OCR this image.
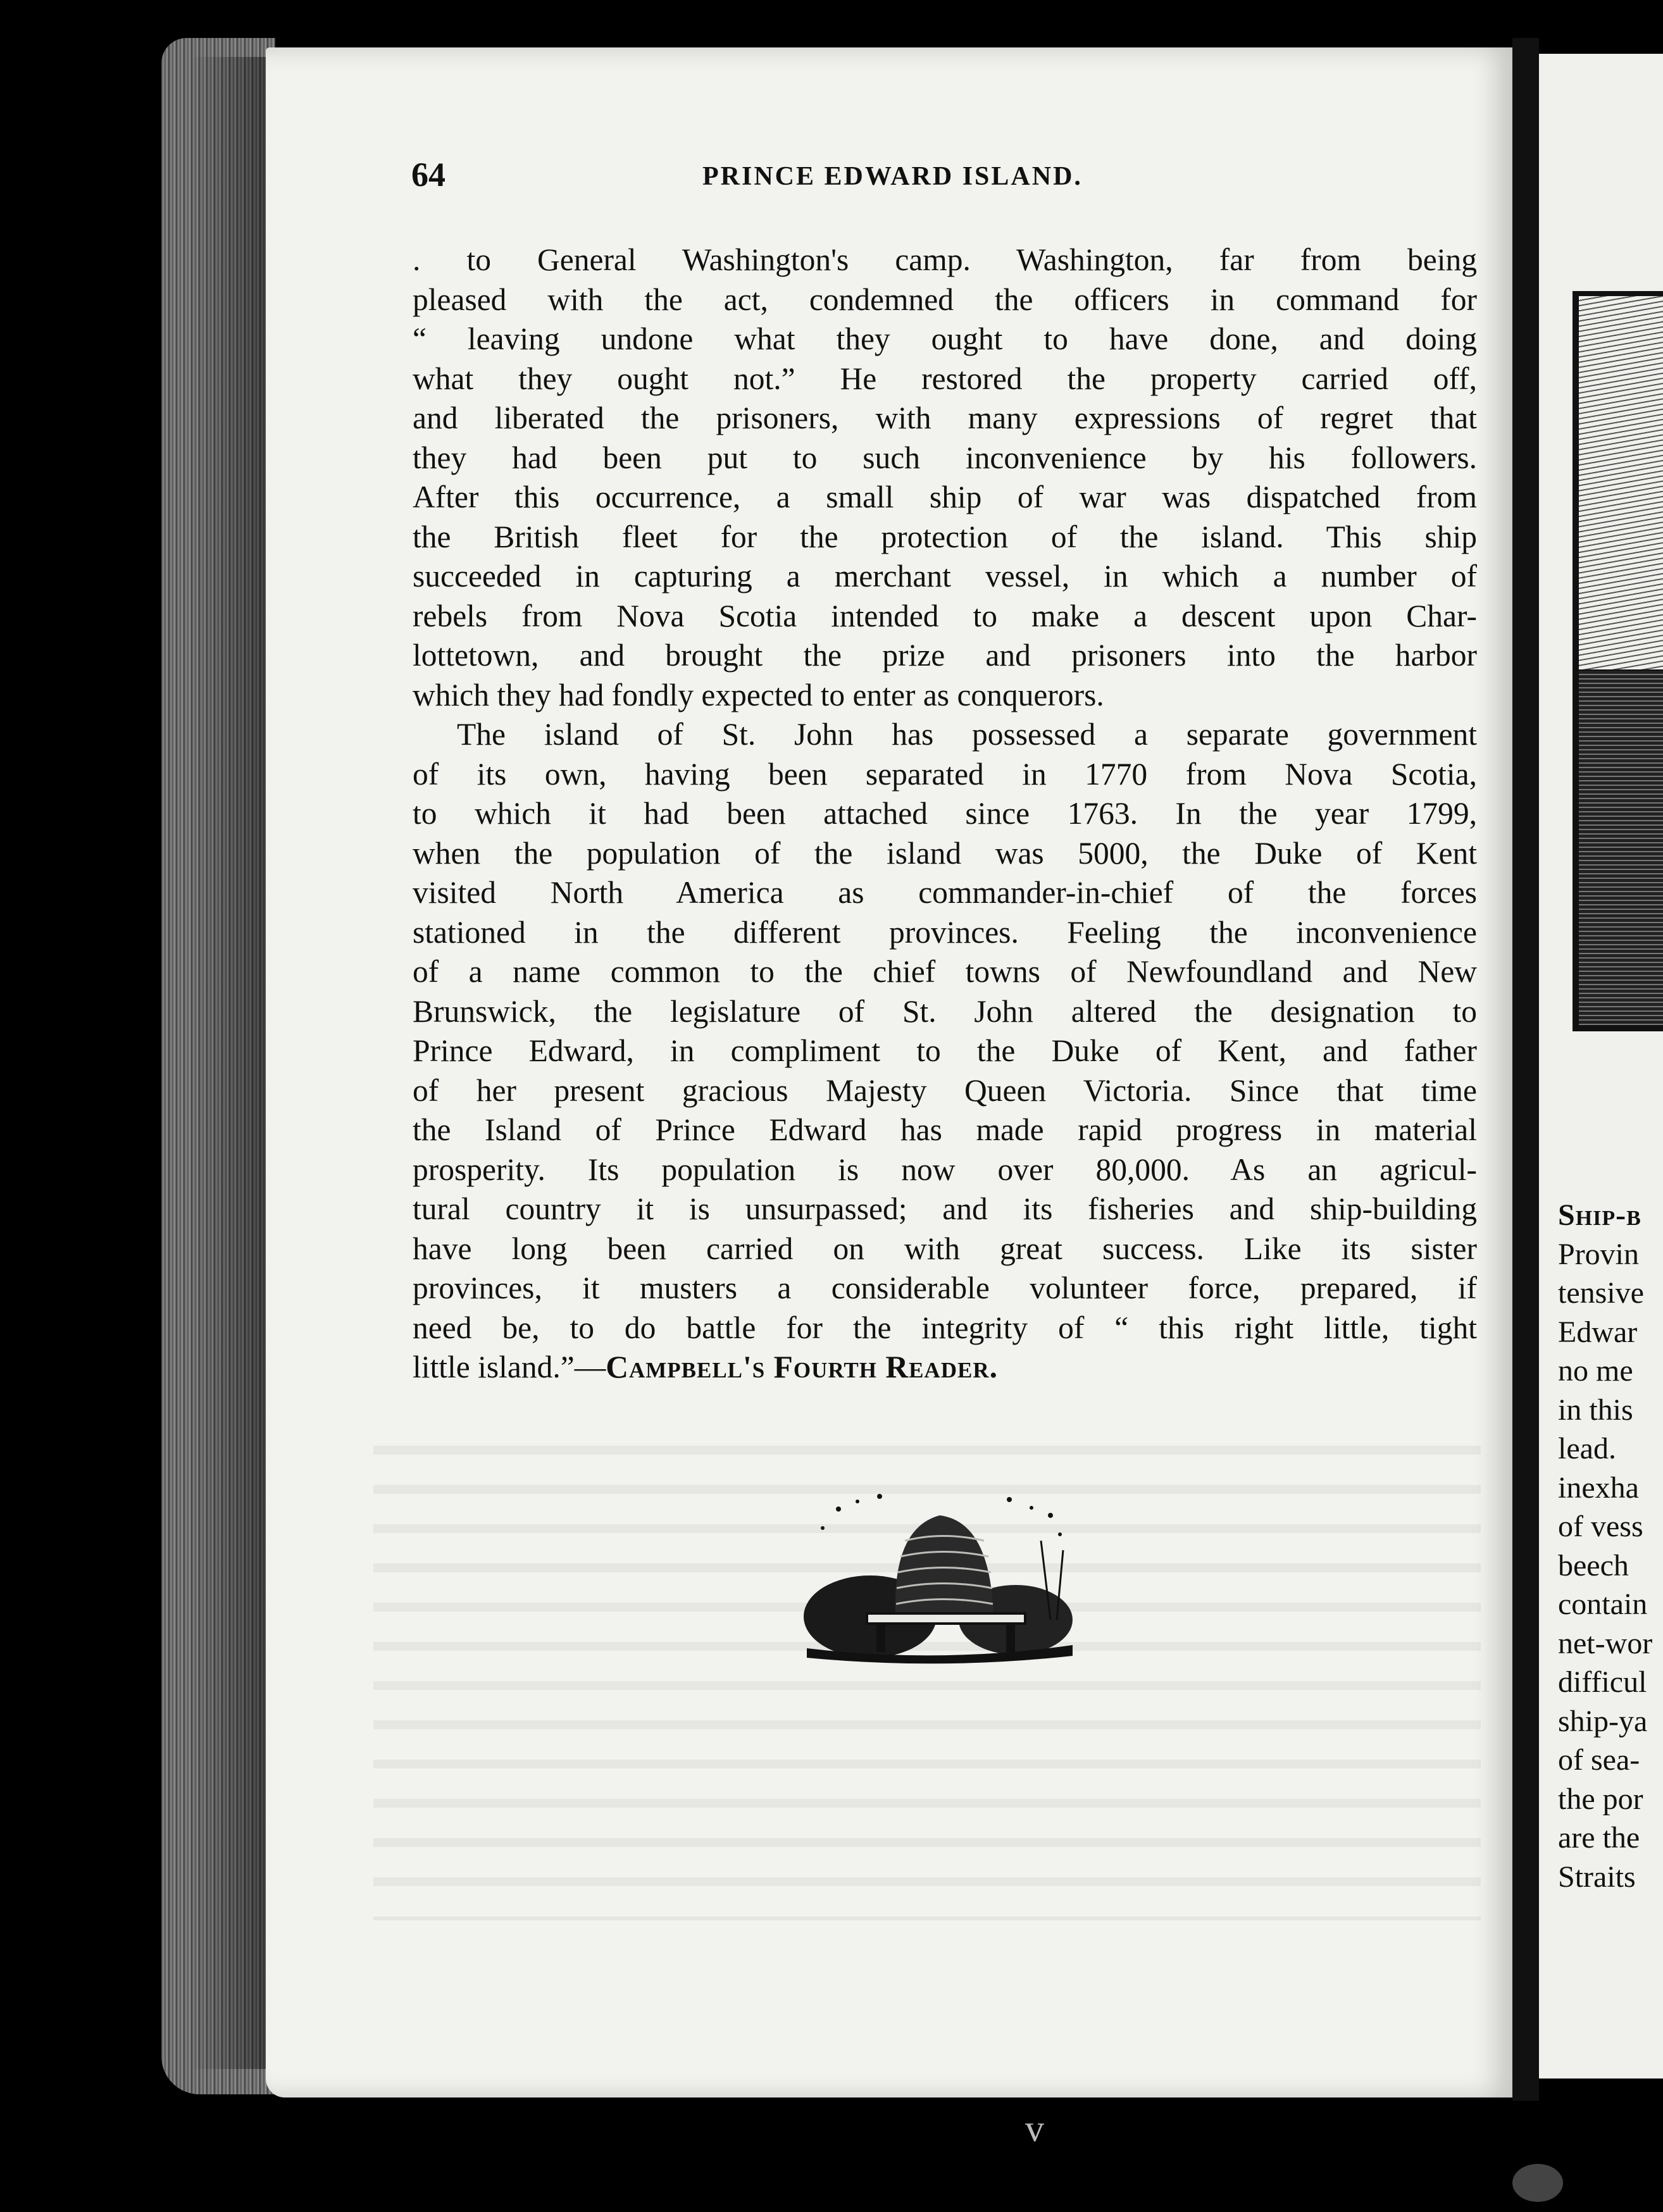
64	PRINCE EDWARD ISLAND.
. to General Washington's camp. Washington, far from being
pleased with the act, condemned the officers in command for
“ leaving undone what they ought to have done, and doing
what they ought not.” He restored the property carried off,
and liberated the prisoners, with many expressions of regret that
they had been put to such inconvenience by his followers.
After this occurrence, a small ship of war was dispatched from
the British fleet for the protection of the island. This ship
succeeded in capturing a merchant vessel, in which a number of
rebels from Nova Scotia intended to make a descent upon Char-
lottetown, and brought the prize and prisoners into the harbor
which they had fondly expected to enter as conquerors.
The island of St. John has possessed a separate government
of its own, having been separated in 1770 from Nova Scotia,
to which it had been attached since 1763. In the year 1799,
when the population of the island was 5000, the Duke of Kent
visited North America as commander-in-chief of the forces
stationed in the different provinces. Feeling the inconvenience
of a name common to the chief towns of Newfoundland and New
Brunswick, the legislature of St. John altered the designation to
Prince Edward, in compliment to the Duke of Kent, and father
of her present gracious Majesty Queen Victoria. Since that time
the Island of Prince Edward has made rapid progress in material
prosperity. Its population is now over 80,000. As an agricul-
tural country it is unsurpassed; and its fisheries and ship-building
have long been carried on with great success. Like its sister
provinces, it musters a considerable volunteer force, prepared, if
need be, to do battle for the integrity of “ this right little, tight
little island.”—Campbell's Fourth Reader.
Ship-b
Provin
tensive
Edwar
no me
in this
lead.
inexha
of vess
beech
contain
net-wor
difficul
ship-ya
of sea-
the por
are the
Straits
v
